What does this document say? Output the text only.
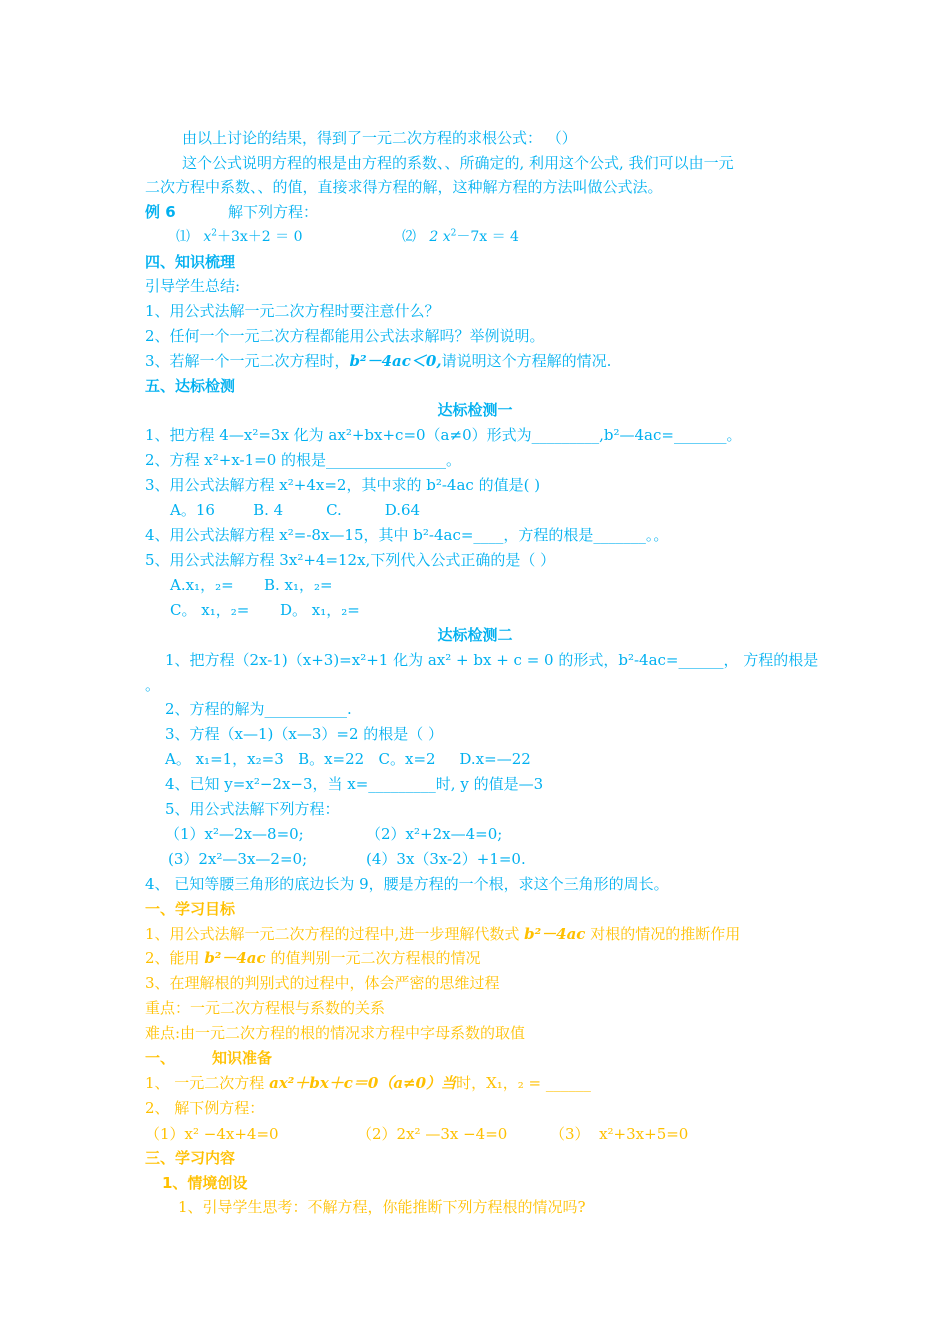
由以上讨论的结果，得到了一元二次方程的求根公式： （）
这个公式说明方程的根是由方程的系数、、所确定的, 利用这个公式, 我们可以由一元
二次方程中系数、、的值，直接求得方程的解，这种解方程的方法叫做公式法。
例 6	解下列方程：
⑴ $x^2+3x+2 = 0$	⑵ 2 $x^2-7x = 4$
四、知识梳理
引导学生总结:
1、用公式法解一元二次方程时要注意什么？
2、任何一个一元二次方程都能用公式法求解吗？举例说明。
3、若解一个一元二次方程时，b²－4ac＜0,请说明这个方程解的情况.
五、达标检测
达标检测一
1、把方程 4—x²=3x 化为 ax²+bx+c=0（a≠0）形式为_________,b²—4ac=_______。
2、方程 x²+x-1=0 的根是________________。
3、用公式法解方程 x²+4x=2，其中求的 b²-4ac 的值是( )
A。16        B. 4         C.         D.64
4、用公式法解方程 x²=-8x—15，其中 b²-4ac=____，方程的根是_______。。
5、用公式法解方程 3x²+4=12x,下列代入公式正确的是（ ）
A.x₁，₂= B. x₁，₂=
C。 x₁，₂= D。 x₁，₂=
达标检测二
1、把方程（2x-1)（x+3)=x²+1 化为 ax² + bx + c = 0 的形式，b²-4ac=______， 方程的根是
。
2、方程的解为___________.
3、方程（x—1)（x—3）=2 的根是（ ）
A。 x₁=1，x₂=3   B。x=22   C。x=2     D.x=—22
4、已知 y=x²−2x−3，当 x=_________时, y 的值是—3
5、用公式法解下列方程：
（1）x²—2x—8=0;	（2）x²+2x—4=0;
(3）2x²—3x—2=0;	(4）3x（3x-2）+1=0.
4、 已知等腰三角形的底边长为 9，腰是方程的一个根，求这个三角形的周长。
一、学习目标
1、用公式法解一元二次方程的过程中,进一步理解代数式 b²－4ac 对根的情况的推断作用
2、能用 b²－4ac 的值判别一元二次方程根的情况
3、在理解根的判别式的过程中，体会严密的思维过程
重点：一元二次方程根与系数的关系
难点:由一元二次方程的根的情况求方程中字母系数的取值
一、 知识准备
1、 一元二次方程 ax²＋bx＋c＝0（a≠0）当时，X₁，₂ = ______
2、 解下例方程：
（1）x² −4x+4=0	（2）2x² —3x −4=0	（3）  x²+3x+5=0
三、学习内容
1、情境创设
1、引导学生思考：不解方程，你能推断下列方程根的情况吗?
